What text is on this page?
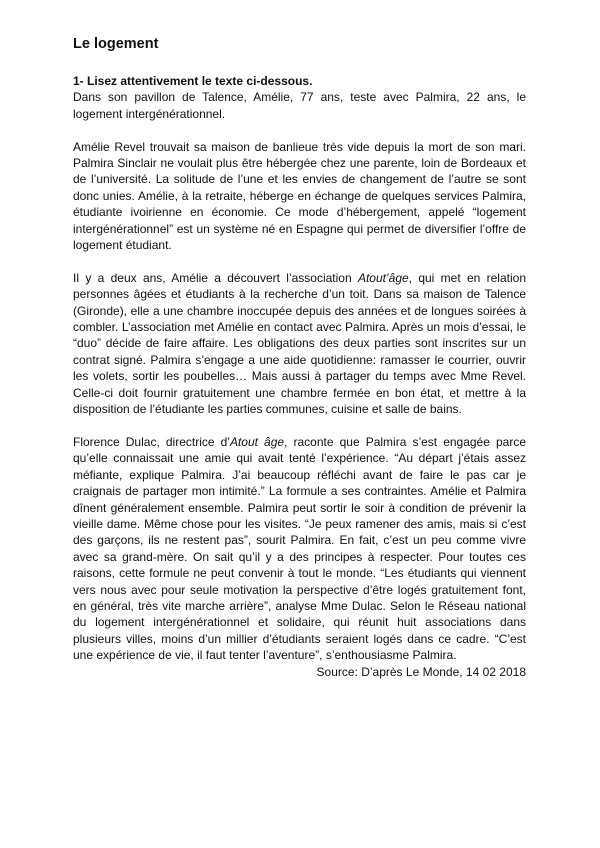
Le logement

1- Lisez attentivement le texte ci-dessous.

Dans son pavillon de Talence, Amélie, 77 ans, teste avec Palmira, 22 ans, le logement intergénérationnel.

Amélie Revel trouvait sa maison de banlieue très vide depuis la mort de son mari. Palmira Sinclair ne voulait plus être hébergée chez une parente, loin de Bordeaux et de l’université. La solitude de l’une et les envies de changement de l’autre se sont donc unies. Amélie, à la retraite, héberge en échange de quelques services Palmira, étudiante ivoirienne en économie. Ce mode d’hébergement, appelé “logement intergénérationnel” est un système né en Espagne qui permet de diversifier l’offre de logement étudiant.

Il y a deux ans, Amélie a découvert l’association Atout’âge, qui met en relation personnes âgées et étudiants à la recherche d’un toit. Dans sa maison de Talence (Gironde), elle a une chambre inoccupée depuis des années et de longues soirées à combler. L’association met Amélie en contact avec Palmira. Après un mois d’essai, le “duo” décide de faire affaire. Les obligations des deux parties sont inscrites sur un contrat signé. Palmira s’engage a une aide quotidienne: ramasser le courrier, ouvrir les volets, sortir les poubelles… Mais aussi à partager du temps avec Mme Revel. Celle-ci doit fournir gratuitement une chambre fermée en bon état, et mettre à la disposition de l’étudiante les parties communes, cuisine et salle de bains.

Florence Dulac, directrice d’Atout âge, raconte que Palmira s’est engagée parce qu’elle connaissait une amie qui avait tenté l’expérience. “Au départ j’étais assez méfiante, explique Palmira. J’ai beaucoup réfléchi avant de faire le pas car je craignais de partager mon intimité.” La formule a ses contraintes. Amélie et Palmira dînent généralement ensemble. Palmira peut sortir le soir à condition de prévenir la vieille dame. Même chose pour les visites. “Je peux ramener des amis, mais si c’est des garçons, ils ne restent pas”, sourit Palmira. En fait, c’est un peu comme vivre avec sa grand-mère. On sait qu’il y a des principes à respecter. Pour toutes ces raisons, cette formule ne peut convenir à tout le monde. “Les étudiants qui viennent vers nous avec pour seule motivation la perspective d’être logés gratuitement font, en général, très vite marche arrière”, analyse Mme Dulac. Selon le Réseau national du logement intergénérationnel et solidaire, qui réunit huit associations dans plusieurs villes, moins d’un millier d’étudiants seraient logés dans ce cadre. “C’est une expérience de vie, il faut tenter l’aventure”, s’enthousiasme Palmira.

Source: D’après Le Monde, 14 02 2018
